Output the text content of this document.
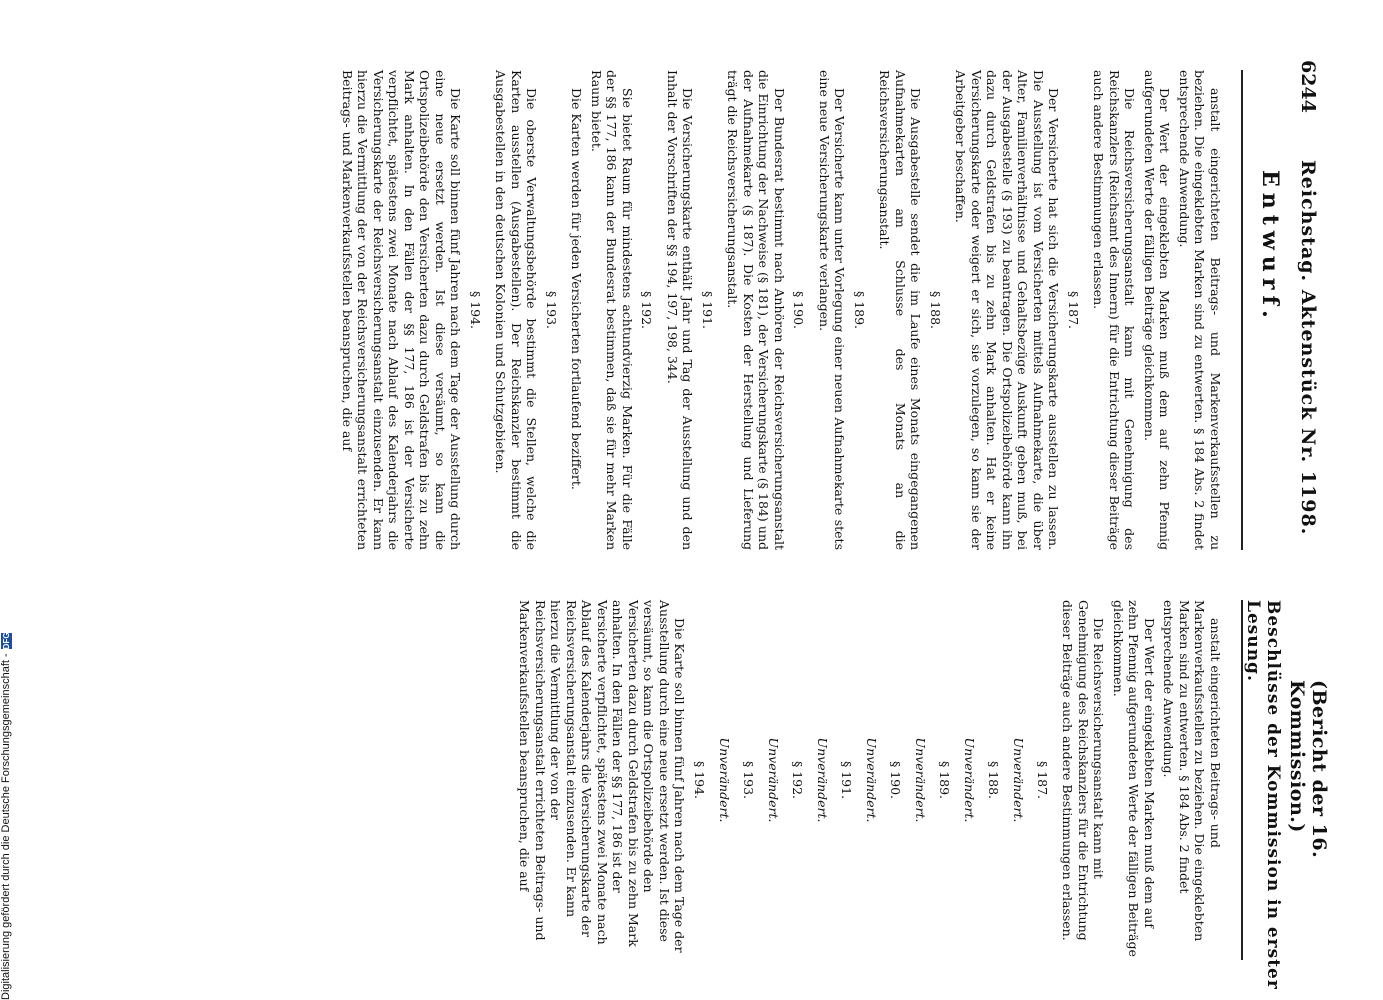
6244
Reichstag. Aktenstück Nr. 1198.
(Bericht der 16. Kommission.)
Entwurf.

anstalt eingerichteten Beitrags- und Markenverkaufsstellen zu beziehen. Die eingeklebten Marken sind zu entwerten. § 184 Abs. 2 findet entsprechende Anwendung.

Der Wert der eingeklebten Marken muß dem auf zehn Pfennig aufgerundeten Werte der fälligen Beiträge gleichkommen.

Die Reichsversicherungsanstalt kann mit Genehmigung des Reichskanzlers (Reichsamt des Innern) für die Entrichtung dieser Beiträge auch andere Bestimmungen erlassen.

§ 187.

Der Versicherte hat sich die Versicherungskarte ausstellen zu lassen. Die Ausstellung ist vom Versicherten mittels Aufnahmekarte, die über Alter, Familienverhältnisse und Gehaltsbezüge Auskunft geben muß, bei der Ausgabestelle (§ 193) zu beantragen. Die Ortspolizeibehörde kann ihn dazu durch Geldstrafen bis zu zehn Mark anhalten. Hat er keine Versicherungskarte oder weigert er sich, sie vorzulegen, so kann sie der Arbeitgeber beschaffen.

§ 188.

Die Ausgabestelle sendet die im Laufe eines Monats eingegangenen Aufnahmekarten am Schlusse des Monats an die Reichsversicherungsanstalt.

§ 189.

Der Versicherte kann unter Vorlegung einer neuen Aufnahmekarte stets eine neue Versicherungskarte verlangen.

§ 190.

Der Bundesrat bestimmt nach Anhören der Reichsversicherungsanstalt die Einrichtung der Nachweise (§ 181), der Versicherungskarte (§ 184) und der Aufnahmekarte (§ 187). Die Kosten der Herstellung und Lieferung trägt die Reichsversicherungsanstalt.

§ 191.

Die Versicherungskarte enthält Jahr und Tag der Ausstellung und den Inhalt der Vorschriften der §§ 194, 197, 198, 344.

§ 192.

Sie bietet Raum für mindestens achtundvierzig Marken. Für die Fälle der §§ 177, 186 kann der Bundesrat bestimmen, daß sie für mehr Marken Raum bietet.

Die Karten werden für jeden Versicherten fortlaufend beziffert.

§ 193.

Die oberste Verwaltungsbehörde bestimmt die Stellen, welche die Karten ausstellen (Ausgabestellen). Der Reichskanzler bestimmt die Ausgabestellen in den deutschen Kolonien und Schutzgebieten.

§ 194.

Die Karte soll binnen fünf Jahren nach dem Tage der Ausstellung durch eine neue ersetzt werden. Ist diese versäumt, so kann die Ortspolizeibehörde den Versicherten dazu durch Geldstrafen bis zu zehn Mark anhalten. In den Fällen der §§ 177, 186 ist der Versicherte verpflichtet, spätestens zwei Monate nach Ablauf des Kalenderjahrs die Versicherungskarte der Reichsversicherungsanstalt einzusenden. Er kann hierzu die Vermittlung der von der Reichsversicherungsanstalt errichteten Beitrags- und Markenverkaufsstellen beanspruchen, die auf

Beschlüsse der Kommission in erster Lesung.

anstalt eingerichteten Beitrags- und Markenverkaufsstellen zu beziehen. Die eingeklebten Marken sind zu entwerten. § 184 Abs. 2 findet entsprechende Anwendung.

Der Wert der eingeklebten Marken muß dem auf zehn Pfennig aufgerundeten Werte der fälligen Beiträge gleichkommen.

Die Reichsversicherungsanstalt kann mit Genehmigung des Reichskanzlers für die Entrichtung dieser Beiträge auch andere Bestimmungen erlassen.

§ 187.
Unverändert.
§ 188.
Unverändert.
§ 189.
Unverändert.
§ 190.
Unverändert.
§ 191.
Unverändert.
§ 192.
Unverändert.
§ 193.
Unverändert.
§ 194.

Die Karte soll binnen fünf Jahren nach dem Tage der Ausstellung durch eine neue ersetzt werden. Ist diese versäumt, so kann die Ortspolizeibehörde den Versicherten dazu durch Geldstrafen bis zu zehn Mark anhalten. In den Fällen der §§ 177, 186 ist der Versicherte verpflichtet, spätestens zwei Monate nach Ablauf des Kalenderjahrs die Versicherungskarte der Reichsversicherungsanstalt einzusenden. Er kann hierzu die Vermittlung der von der Reichsversicherungsanstalt errichteten Beitrags- und Markenverkaufsstellen beanspruchen, die auf

Digitalisierung gefördert durch die Deutsche Forschungsgemeinschaft -
DFG
